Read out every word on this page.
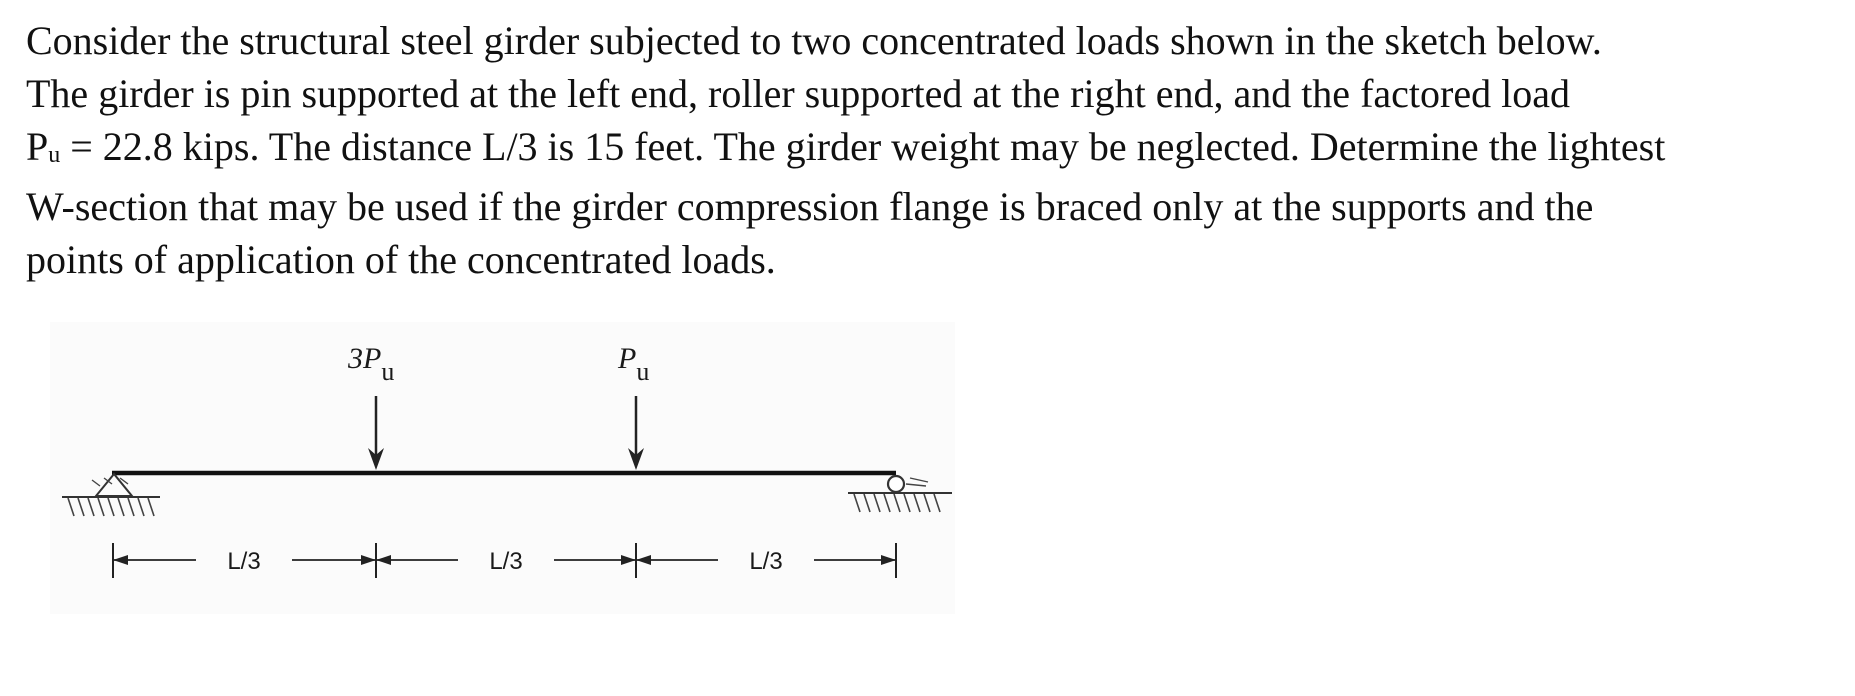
Consider the structural steel girder subjected to two concentrated loads shown in the sketch below.
The girder is pin supported at the left end, roller supported at the right end, and the factored load
Pu = 22.8 kips. The distance L/3 is 15 feet. The girder weight may be neglected. Determine the lightest
W-section that may be used if the girder compression flange is braced only at the supports and the
points of application of the concentrated loads.
3Pu	Pu
L/3	L/3	L/3
